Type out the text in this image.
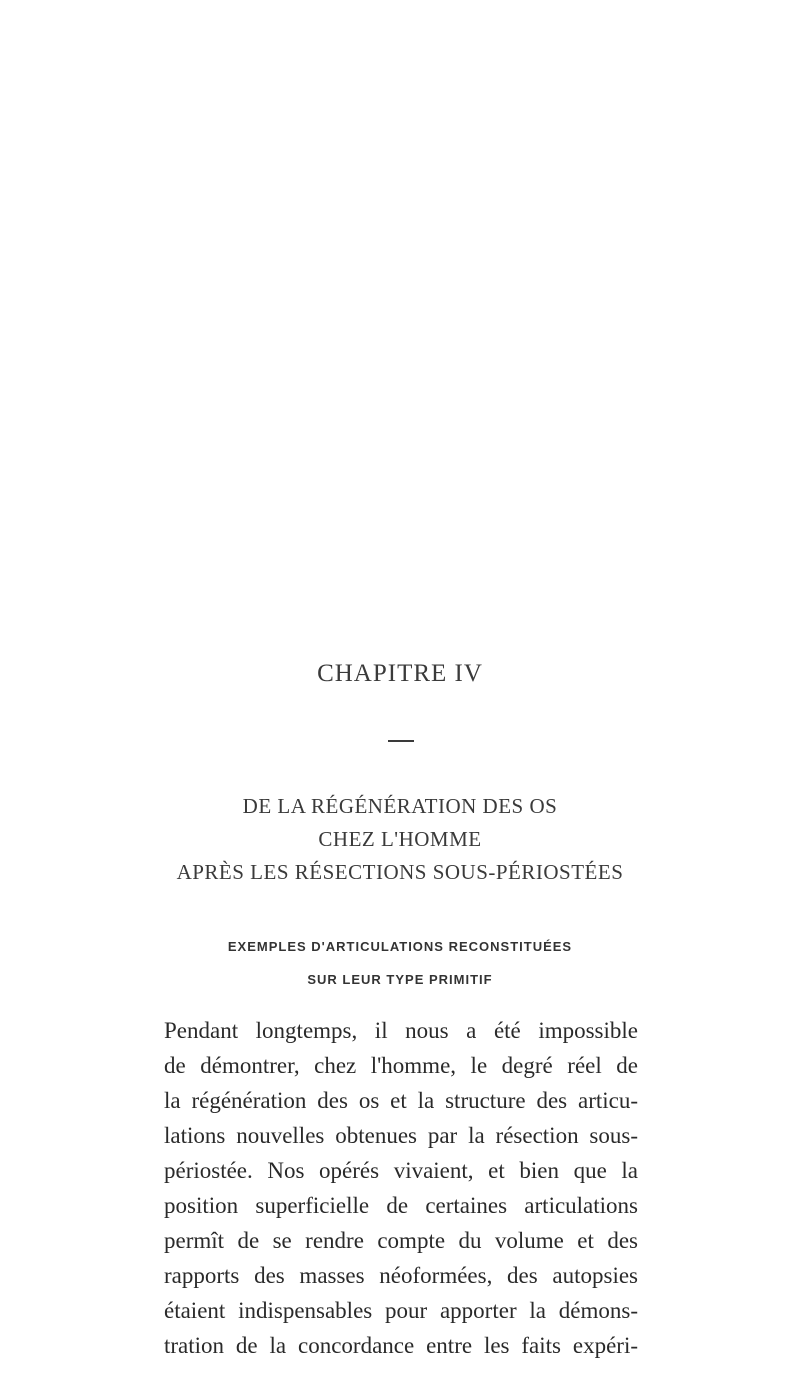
CHAPITRE IV
DE LA RÉGÉNÉRATION DES OS
CHEZ L'HOMME
APRÈS LES RÉSECTIONS SOUS-PÉRIOSTÉES
EXEMPLES D'ARTICULATIONS RECONSTITUÉES
SUR LEUR TYPE PRIMITIF
Pendant longtemps, il nous a été impossible
de démontrer, chez l'homme, le degré réel de
la régénération des os et la structure des articu-
lations nouvelles obtenues par la résection sous-
périostée. Nos opérés vivaient, et bien que la
position superficielle de certaines articulations
permît de se rendre compte du volume et des
rapports des masses néoformées, des autopsies
étaient indispensables pour apporter la démons-
tration de la concordance entre les faits expéri-
